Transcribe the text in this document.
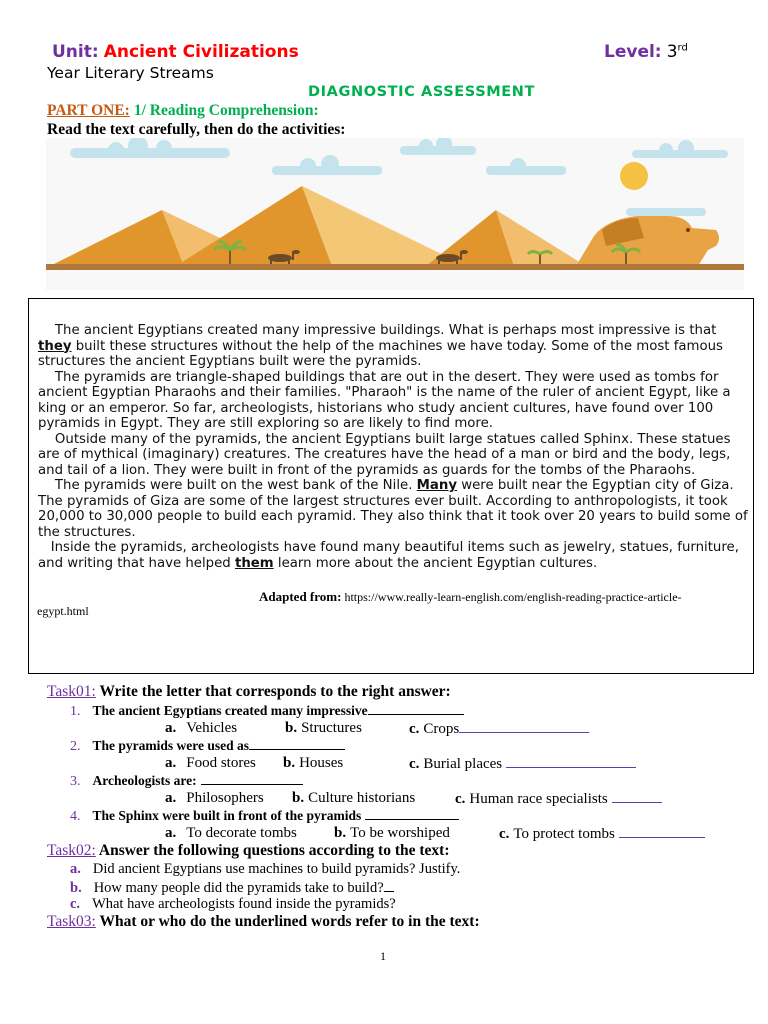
Unit: Ancient Civilizations	Level: 3rd
Year Literary Streams
DIAGNOSTIC ASSESSMENT
PART ONE: 1/ Reading Comprehension:
Read the text carefully, then do the activities:

The ancient Egyptians created many impressive buildings. What is perhaps most impressive is that they built these structures without the help of the machines we have today. Some of the most famous structures the ancient Egyptians built were the pyramids.

The pyramids are triangle-shaped buildings that are out in the desert. They were used as tombs for ancient Egyptian Pharaohs and their families. "Pharaoh" is the name of the ruler of ancient Egypt, like a king or an emperor. So far, archeologists, historians who study ancient cultures, have found over 100 pyramids in Egypt. They are still exploring so are likely to find more.

Outside many of the pyramids, the ancient Egyptians built large statues called Sphinx. These statues are of mythical (imaginary) creatures. The creatures have the head of a man or bird and the body, legs, and tail of a lion. They were built in front of the pyramids as guards for the tombs of the Pharaohs.

The pyramids were built on the west bank of the Nile. Many were built near the Egyptian city of Giza. The pyramids of Giza are some of the largest structures ever built. According to anthropologists, it took 20,000 to 30,000 people to build each pyramid. They also think that it took over 20 years to build some of the structures.

Inside the pyramids, archeologists have found many beautiful items such as jewelry, statues, furniture, and writing that have helped them learn more about the ancient Egyptian cultures.

Adapted from: https://www.really-learn-english.com/english-reading-practice-article-
egypt.html
Task01: Write the letter that corresponds to the right answer:
1. The ancient Egyptians created many impressive
a. Vehicles	b. Structures	c. Crops
2. The pyramids were used as
a. Food stores b. Houses	c. Burial places
3. Archeologists are:
a. Philosophers b. Culture historians	c. Human race specialists
4. The Sphinx were built in front of the pyramids
a. To decorate tombs b. To be worshiped	c. To protect tombs
Task02: Answer the following questions according to the text:
a. Did ancient Egyptians use machines to build pyramids? Justify.
b. How many people did the pyramids take to build?
c. What have archeologists found inside the pyramids?
Task03: What or who do the underlined words refer to in the text:
1
